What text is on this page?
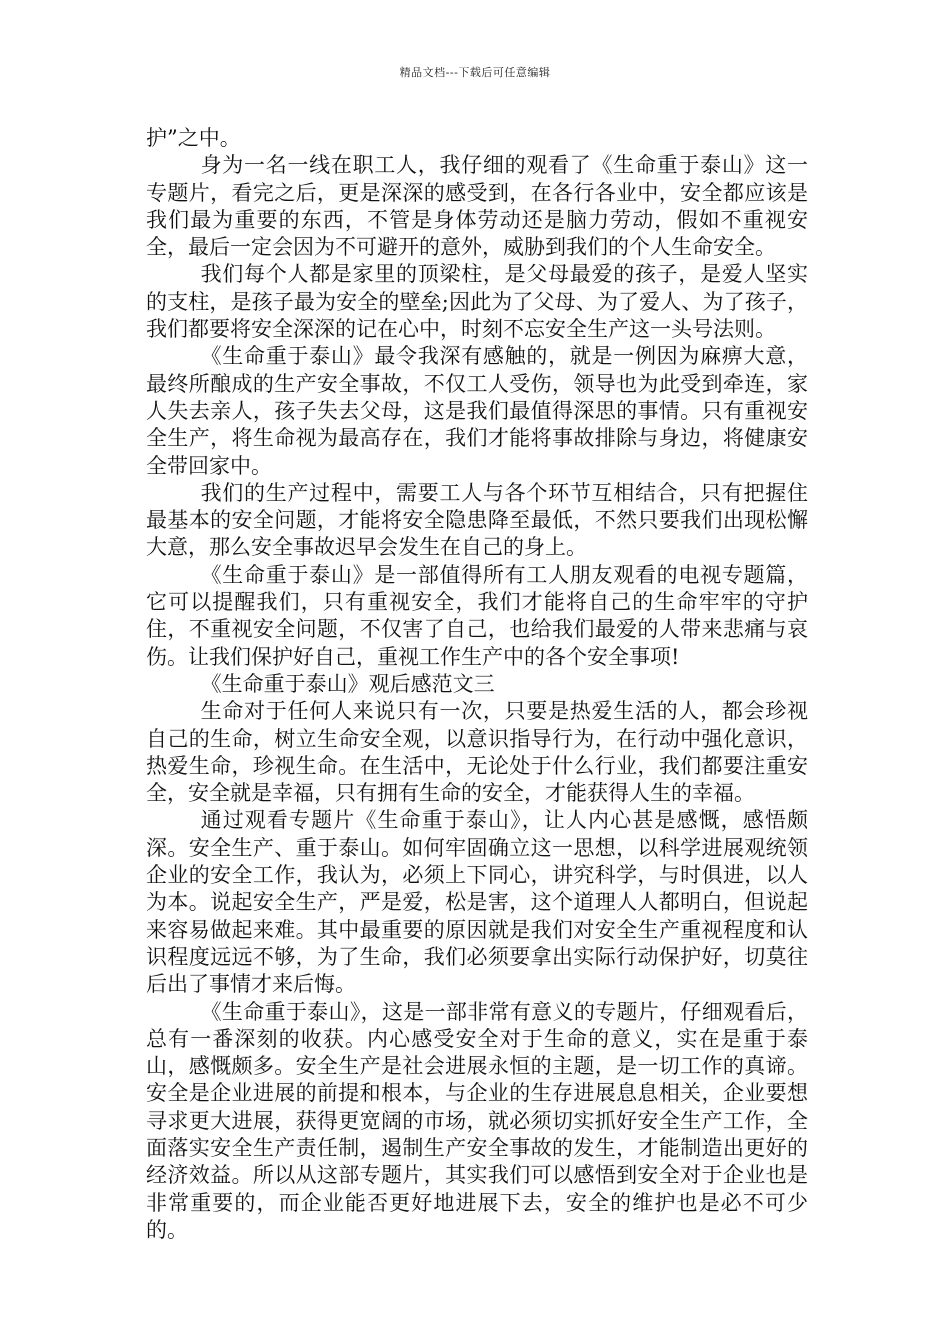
精品文档---下载后可任意编辑

护”之中。

身为一名一线在职工人，我仔细的观看了《生命重于泰山》这一专题片，看完之后，更是深深的感受到，在各行各业中，安全都应该是我们最为重要的东西，不管是身体劳动还是脑力劳动，假如不重视安全，最后一定会因为不可避开的意外，威胁到我们的个人生命安全。

我们每个人都是家里的顶梁柱，是父母最爱的孩子，是爱人坚实的支柱，是孩子最为安全的壁垒;因此为了父母、为了爱人、为了孩子，我们都要将安全深深的记在心中，时刻不忘安全生产这一头号法则。

《生命重于泰山》最令我深有感触的，就是一例因为麻痹大意，最终所酿成的生产安全事故，不仅工人受伤，领导也为此受到牵连，家人失去亲人，孩子失去父母，这是我们最值得深思的事情。只有重视安全生产，将生命视为最高存在，我们才能将事故排除与身边，将健康安全带回家中。

我们的生产过程中，需要工人与各个环节互相结合，只有把握住最基本的安全问题，才能将安全隐患降至最低，不然只要我们出现松懈大意，那么安全事故迟早会发生在自己的身上。

《生命重于泰山》是一部值得所有工人朋友观看的电视专题篇，它可以提醒我们，只有重视安全，我们才能将自己的生命牢牢的守护住，不重视安全问题，不仅害了自己，也给我们最爱的人带来悲痛与哀伤。让我们保护好自己，重视工作生产中的各个安全事项!

《生命重于泰山》观后感范文三

生命对于任何人来说只有一次，只要是热爱生活的人，都会珍视自己的生命，树立生命安全观，以意识指导行为，在行动中强化意识，热爱生命，珍视生命。在生活中，无论处于什么行业，我们都要注重安全，安全就是幸福，只有拥有生命的安全，才能获得人生的幸福。

通过观看专题片《生命重于泰山》，让人内心甚是感慨，感悟颇深。安全生产、重于泰山。如何牢固确立这一思想，以科学进展观统领企业的安全工作，我认为，必须上下同心，讲究科学，与时俱进，以人为本。说起安全生产，严是爱，松是害，这个道理人人都明白，但说起来容易做起来难。其中最重要的原因就是我们对安全生产重视程度和认识程度远远不够，为了生命，我们必须要拿出实际行动保护好，切莫往后出了事情才来后悔。

《生命重于泰山》，这是一部非常有意义的专题片，仔细观看后，总有一番深刻的收获。内心感受安全对于生命的意义，实在是重于泰山，感慨颇多。安全生产是社会进展永恒的主题，是一切工作的真谛。安全是企业进展的前提和根本，与企业的生存进展息息相关，企业要想寻求更大进展，获得更宽阔的市场，就必须切实抓好安全生产工作，全面落实安全生产责任制，遏制生产安全事故的发生，才能制造出更好的经济效益。所以从这部专题片，其实我们可以感悟到安全对于企业也是非常重要的，而企业能否更好地进展下去，安全的维护也是必不可少的。
